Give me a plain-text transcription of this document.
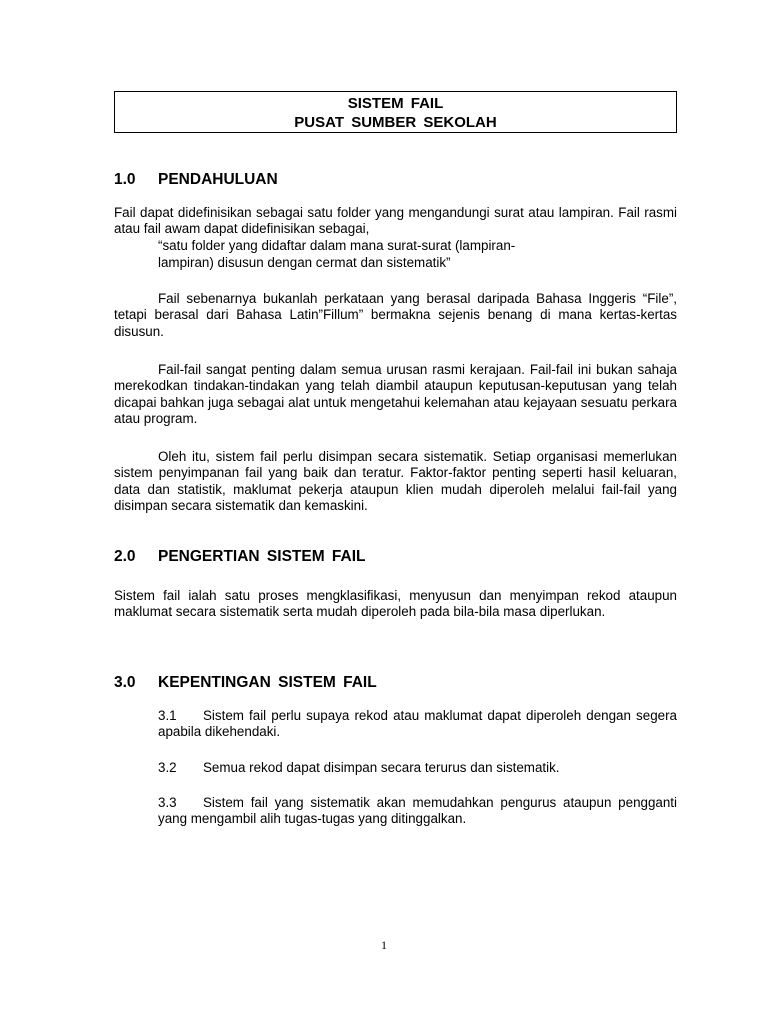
SISTEM FAIL
PUSAT SUMBER SEKOLAH
1.0 PENDAHULUAN

Fail dapat didefinisikan sebagai satu folder yang mengandungi surat atau lampiran. Fail rasmi atau fail awam dapat didefinisikan sebagai,

“satu folder yang didaftar dalam mana surat-surat (lampiran-

lampiran) disusun dengan cermat dan sistematik”

Fail sebenarnya bukanlah perkataan yang berasal daripada Bahasa Inggeris “File”, tetapi berasal dari Bahasa Latin”Fillum” bermakna sejenis benang di mana kertas-kertas disusun.

Fail-fail sangat penting dalam semua urusan rasmi kerajaan. Fail-fail ini bukan sahaja merekodkan tindakan-tindakan yang telah diambil ataupun keputusan-keputusan yang telah dicapai bahkan juga sebagai alat untuk mengetahui kelemahan atau kejayaan sesuatu perkara atau program.

Oleh itu, sistem fail perlu disimpan secara sistematik. Setiap organisasi memerlukan sistem penyimpanan fail yang baik dan teratur. Faktor-faktor penting seperti hasil keluaran, data dan statistik, maklumat pekerja ataupun klien mudah diperoleh melalui fail-fail yang disimpan secara sistematik dan kemaskini.

2.0 PENGERTIAN SISTEM FAIL

Sistem fail ialah satu proses mengklasifikasi, menyusun dan menyimpan rekod ataupun maklumat secara sistematik serta mudah diperoleh pada bila-bila masa diperlukan.

3.0 KEPENTINGAN SISTEM FAIL

3.1 Sistem fail perlu supaya rekod atau maklumat dapat diperoleh dengan segera apabila dikehendaki.

3.2 Semua rekod dapat disimpan secara terurus dan sistematik.

3.3 Sistem fail yang sistematik akan memudahkan pengurus ataupun pengganti yang mengambil alih tugas-tugas yang ditinggalkan.

1
